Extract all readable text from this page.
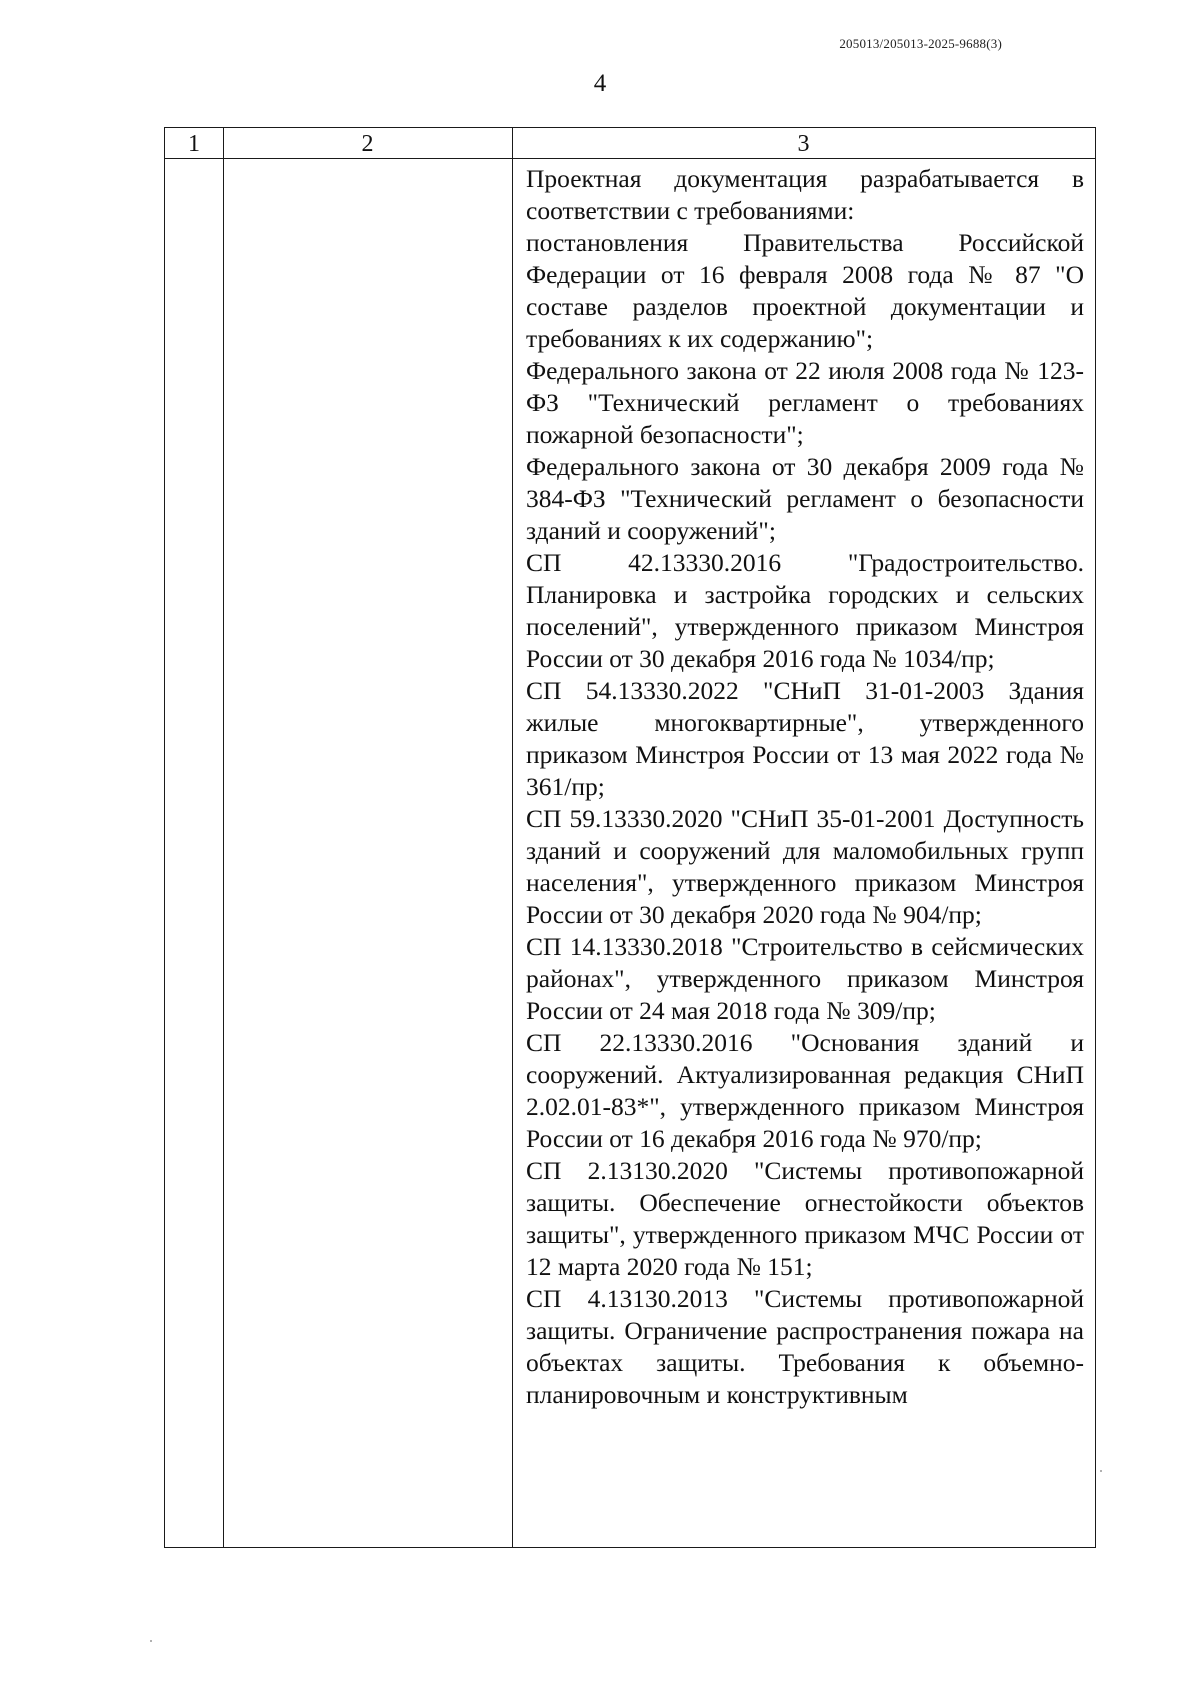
205013/205013-2025-9688(3)
4
1	2	3

Проектная документация разрабатывается в соответствии с требованиями:

постановления Правительства Российской Федерации от 16 февраля 2008 года № 87 "О составе разделов проектной документации и требованиях к их содержанию";

Федерального закона от 22 июля 2008 года № 123-ФЗ "Технический регламент о требованиях пожарной безопасности";

Федерального закона от 30 декабря 2009 года № 384-ФЗ "Технический регламент о безопасности зданий и сооружений";

СП 42.13330.2016 "Градостроительство. Планировка и застройка городских и сельских поселений", утвержденного приказом Минстроя России от 30 декабря 2016 года № 1034/пр;

СП 54.13330.2022 "СНиП 31-01-2003 Здания жилые многоквартирные", утвержденного приказом Минстроя России от 13 мая 2022 года № 361/пр;

СП 59.13330.2020 "СНиП 35-01-2001 Доступность зданий и сооружений для маломобильных групп населения", утвержденного приказом Минстроя России от 30 декабря 2020 года № 904/пр;

СП 14.13330.2018 "Строительство в сейсмических районах", утвержденного приказом Минстроя России от 24 мая 2018 года № 309/пр;

СП 22.13330.2016 "Основания зданий и сооружений. Актуализированная редакция СНиП 2.02.01-83*", утвержденного приказом Минстроя России от 16 декабря 2016 года № 970/пр;

СП 2.13130.2020 "Системы противопожарной защиты. Обеспечение огнестойкости объектов защиты", утвержденного приказом МЧС России от 12 марта 2020 года № 151;

СП 4.13130.2013 "Системы противопожарной защиты. Ограничение распространения пожара на объектах защиты. Требования к объемно-планировочным и конструктивным
